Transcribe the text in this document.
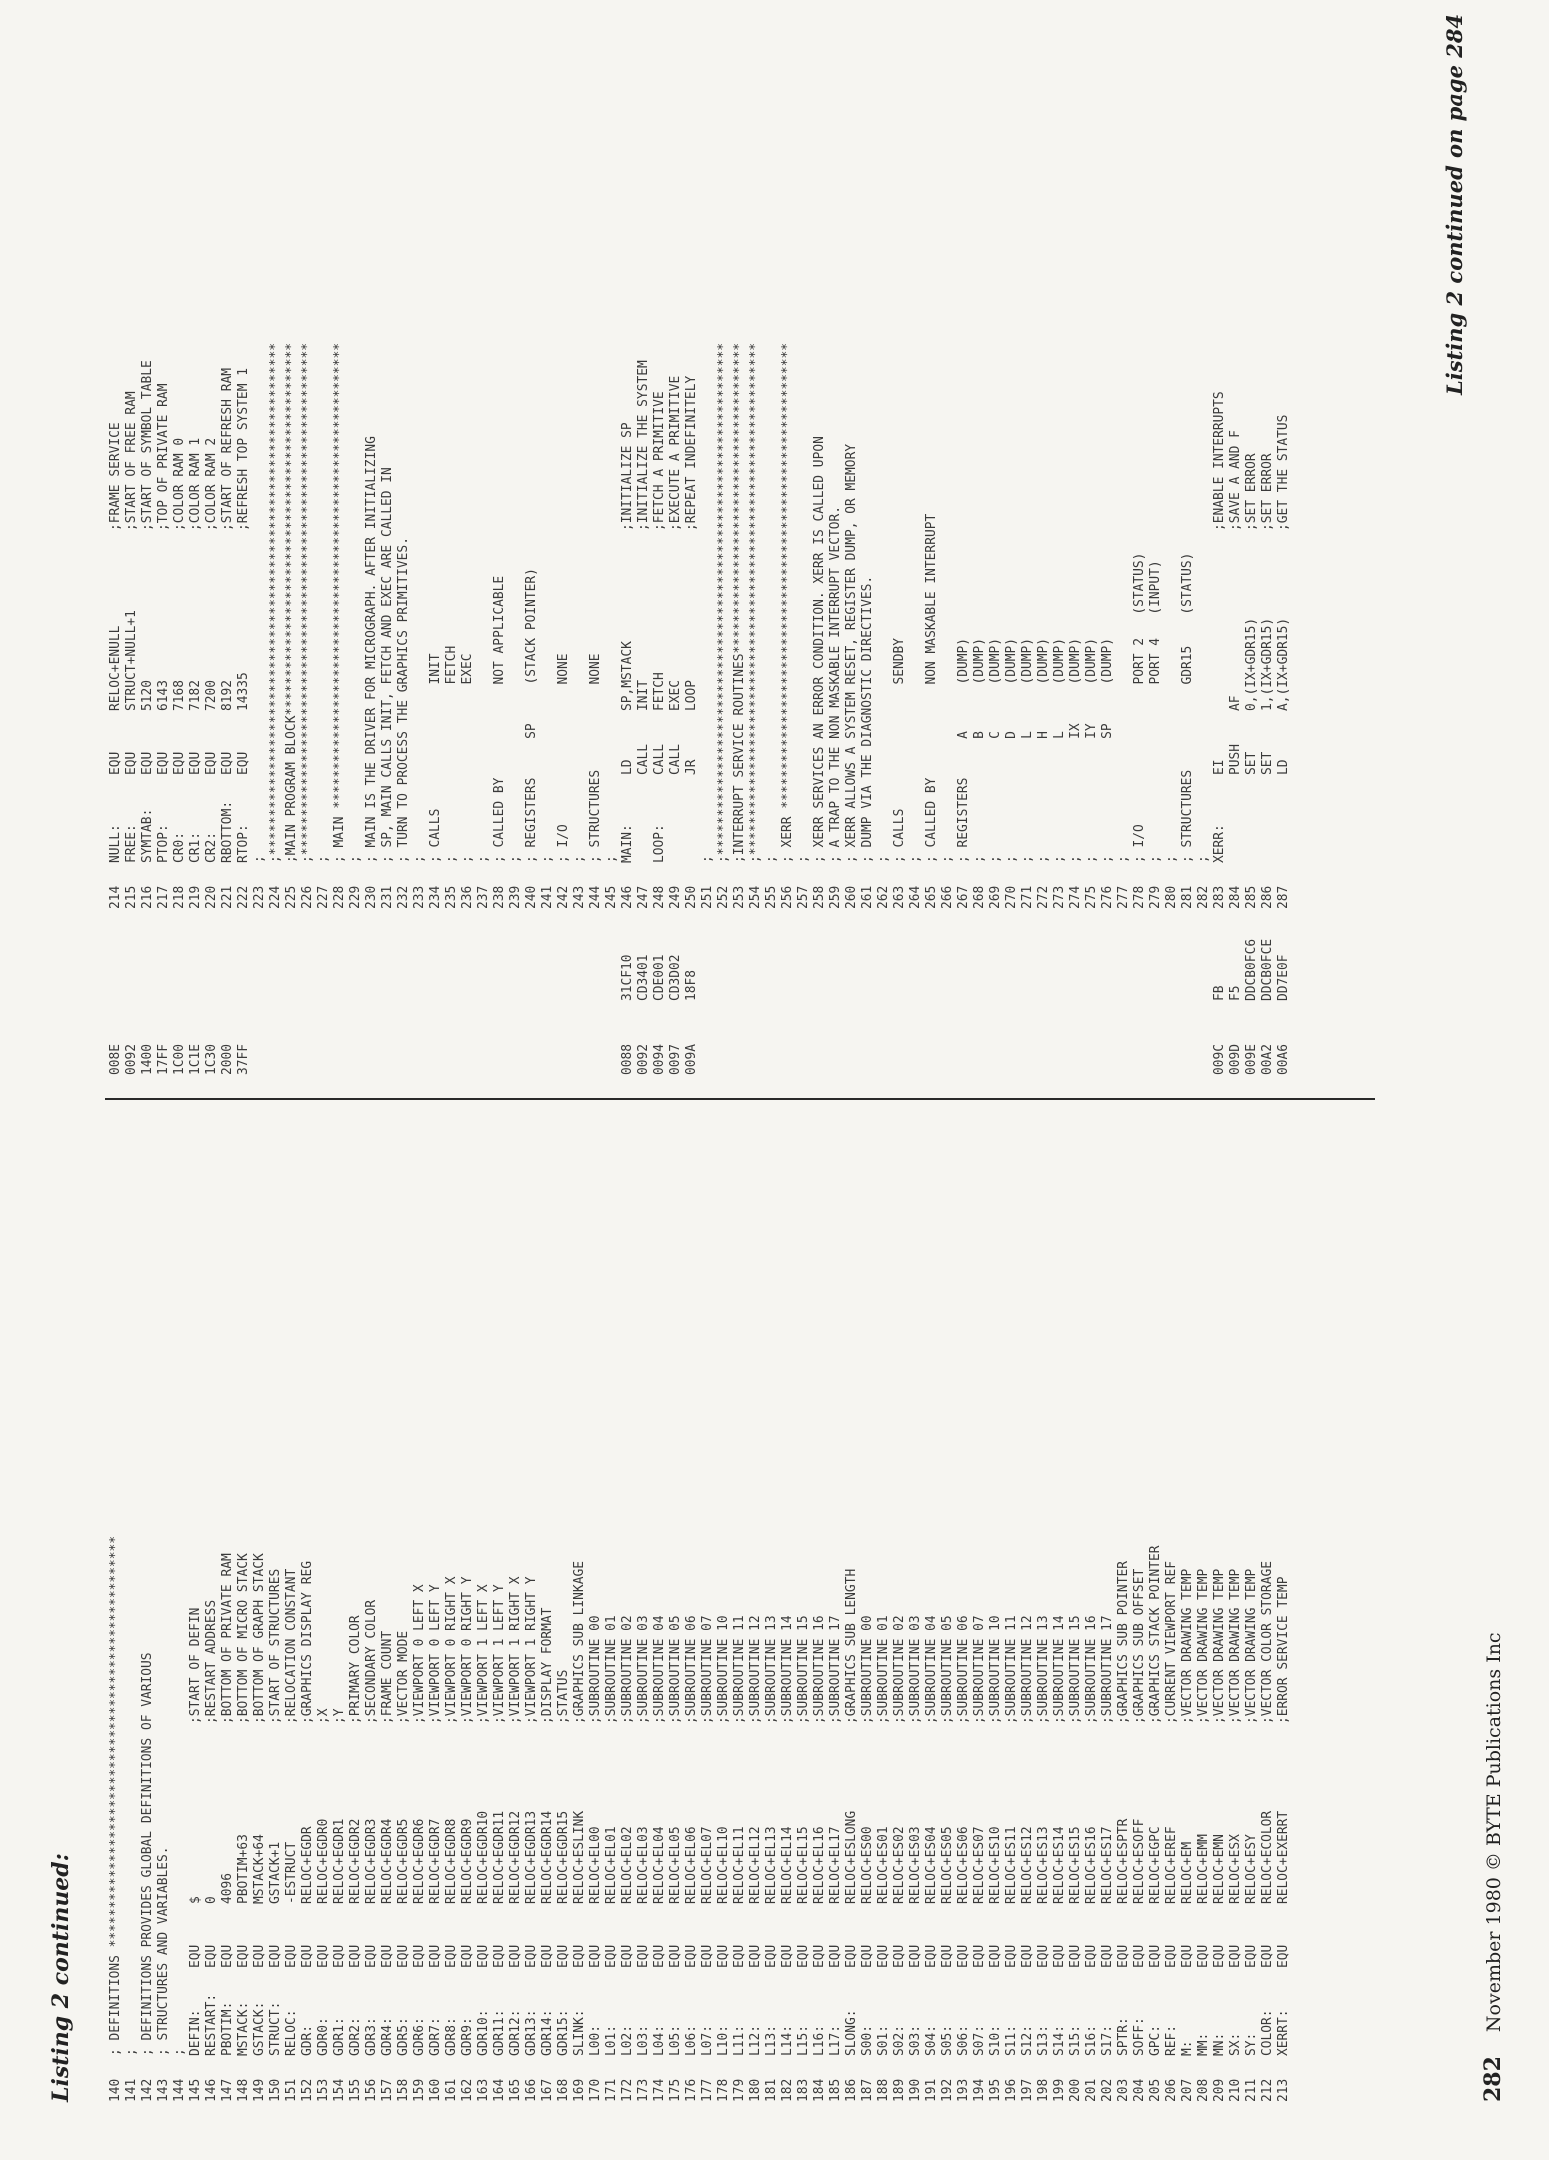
Listing 2 continued:	140; DEFINITIONS *****************************************************
141;
142; DEFINITIONS PROVIDES GLOBAL DEFINITIONS OF VARIOUS
143; STRUCTURES AND VARIABLES.
144;
145DEFIN:EQU$;START OF DEFIN
146RESTART:EQU0;RESTART ADDRESS
147PBOTIM:EQU4096;BOTTOM OF PRIVATE RAM
148MSTACK:EQUPBOTIM+63;BOTTOM OF MICRO STACK
149GSTACK:EQUMSTACK+64;BOTTOM OF GRAPH STACK
150STRUCT:EQUGSTACK+1;START OF STRUCTURES
151RELOC:EQU-ESTRUCT;RELOCATION CONSTANT
152GDR:EQURELOC+EGDR;GRAPHICS DISPLAY REG
153GDR0:EQURELOC+EGDR0;X
154GDR1:EQURELOC+EGDR1;Y
155GDR2:EQURELOC+EGDR2;PRIMARY COLOR
156GDR3:EQURELOC+EGDR3;SECONDARY COLOR
157GDR4:EQURELOC+EGDR4;FRAME COUNT
158GDR5:EQURELOC+EGDR5;VECTOR MODE
159GDR6:EQURELOC+EGDR6;VIEWPORT 0 LEFT X
160GDR7:EQURELOC+EGDR7;VIEWPORT 0 LEFT Y
161GDR8:EQURELOC+EGDR8;VIEWPORT 0 RIGHT X
162GDR9:EQURELOC+EGDR9;VIEWPORT 0 RIGHT Y
163GDR10:EQURELOC+EGDR10;VIEWPORT 1 LEFT X
164GDR11:EQURELOC+EGDR11;VIEWPORT 1 LEFT Y
165GDR12:EQURELOC+EGDR12;VIEWPORT 1 RIGHT X
166GDR13:EQURELOC+EGDR13;VIEWPORT 1 RIGHT Y
167GDR14:EQURELOC+EGDR14;DISPLAY FORMAT
168GDR15:EQURELOC+EGDR15;STATUS
169SLINK:EQURELOC+ESLINK;GRAPHICS SUB LINKAGE
170L00:EQURELOC+EL00;SUBROUTINE 00
171L01:EQURELOC+EL01;SUBROUTINE 01
172L02:EQURELOC+EL02;SUBROUTINE 02
173L03:EQURELOC+EL03;SUBROUTINE 03
174L04:EQURELOC+EL04;SUBROUTINE 04
175L05:EQURELOC+EL05;SUBROUTINE 05
176L06:EQURELOC+EL06;SUBROUTINE 06
177L07:EQURELOC+EL07;SUBROUTINE 07
178L10:EQURELOC+EL10;SUBROUTINE 10
179L11:EQURELOC+EL11;SUBROUTINE 11
180L12:EQURELOC+EL12;SUBROUTINE 12
181L13:EQURELOC+EL13;SUBROUTINE 13
182L14:EQURELOC+EL14;SUBROUTINE 14
183L15:EQURELOC+EL15;SUBROUTINE 15
184L16:EQURELOC+EL16;SUBROUTINE 16
185L17:EQURELOC+EL17;SUBROUTINE 17
186SLONG:EQURELOC+ESLONG;GRAPHICS SUB LENGTH
187S00:EQURELOC+ES00;SUBROUTINE 00
188S01:EQURELOC+ES01;SUBROUTINE 01
189S02:EQURELOC+ES02;SUBROUTINE 02
190S03:EQURELOC+ES03;SUBROUTINE 03
191S04:EQURELOC+ES04;SUBROUTINE 04
192S05:EQURELOC+ES05;SUBROUTINE 05
193S06:EQURELOC+ES06;SUBROUTINE 06
194S07:EQURELOC+ES07;SUBROUTINE 07
195S10:EQURELOC+ES10;SUBROUTINE 10
196S11:EQURELOC+ES11;SUBROUTINE 11
197S12:EQURELOC+ES12;SUBROUTINE 12
198S13:EQURELOC+ES13;SUBROUTINE 13
199S14:EQURELOC+ES14;SUBROUTINE 14
200S15:EQURELOC+ES15;SUBROUTINE 15
201S16:EQURELOC+ES16;SUBROUTINE 16
202S17:EQURELOC+ES17;SUBROUTINE 17
203SPTR:EQURELOC+ESPTR;GRAPHICS SUB POINTER
204SOFF:EQURELOC+ESOFF;GRAPHICS SUB OFFSET
205GPC:EQURELOC+EGPC;GRAPHICS STACK POINTER
206REF:EQURELOC+EREF;CURRENT VIEWPORT REF
207M:EQURELOC+EM;VECTOR DRAWING TEMP
208MM:EQURELOC+EMM;VECTOR DRAWING TEMP
209MN:EQURELOC+EMN;VECTOR DRAWING TEMP
210SX:EQURELOC+ESX;VECTOR DRAWING TEMP
211SY:EQURELOC+ESY;VECTOR DRAWING TEMP
212COLOR:EQURELOC+ECOLOR;VECTOR COLOR STORAGE
213XERRT:EQURELOC+EXERRT;ERROR SERVICE TEMP
008E214NULL:EQURELOC+ENULL;FRAME SERVICE
0092215FREE:EQUSTRUCT+NULL+1;START OF FREE RAM
1400216SYMTAB:EQU5120;START OF SYMBOL TABLE
17FF217PTOP:EQU6143;TOP OF PRIVATE RAM
1C00218CR0:EQU7168;COLOR RAM 0
1C1E219CR1:EQU7182;COLOR RAM 1
1C30220CR2:EQU7200;COLOR RAM 2
2000221RBOTTOM:EQU8192;START OF REFRESH RAM
37FF222RTOP:EQU14335;REFRESH TOP SYSTEM 1
223;
224;******************************************************************
225;MAIN PROGRAM BLOCK************************************************
226;******************************************************************
227;
228; MAIN ************************************************************
229;
230; MAIN IS THE DRIVER FOR MICROGRAPH. AFTER INITIALIZING
231; SP, MAIN CALLS INIT, FETCH AND EXEC ARE CALLED IN
232; TURN TO PROCESS THE GRAPHICS PRIMITIVES.
233;
234; CALLS                INIT
235;                      FETCH
236;                      EXEC
237;
238; CALLED BY            NOT APPLICABLE
239;
240; REGISTERS     SP     (STACK POINTER)
241;
242; I/O                  NONE
243;
244; STRUCTURES           NONE
245;
008831CF10246MAIN:LDSP,MSTACK;INITIALIZE SP
0092CD3401247CALLINIT;INITIALIZE THE SYSTEM
0094CDE001248LOOP:CALLFETCH;FETCH A PRIMITIVE
0097CD3D02249CALLEXEC;EXECUTE A PRIMITIVE
009A18F8250JRLOOP;REPEAT INDEFINITELY
251;
252;******************************************************************
253;INTERRUPT SERVICE ROUTINES****************************************
254;******************************************************************
255;
256; XERR ************************************************************
257;
258; XERR SERVICES AN ERROR CONDITION. XERR IS CALLED UPON
259; A TRAP TO THE NON MASKABLE INTERRUPT VECTOR.
260; XERR ALLOWS A SYSTEM RESET, REGISTER DUMP, OR MEMORY
261; DUMP VIA THE DIAGNOSTIC DIRECTIVES.
262;
263; CALLS                SENDBY
264;
265; CALLED BY            NON MASKABLE INTERRUPT
266;
267; REGISTERS     A      (DUMP)
268;               B      (DUMP)
269;               C      (DUMP)
270;               D      (DUMP)
271;               L      (DUMP)
272;               H      (DUMP)
273;               L      (DUMP)
274;               IX     (DUMP)
275;               IY     (DUMP)
276;               SP     (DUMP)
277;
278; I/O                  PORT 2   (STATUS)
279;                      PORT 4   (INPUT)
280;
281; STRUCTURES           GDR15    (STATUS)
282;
009CFB283XERR:EI;ENABLE INTERRUPTS
009DF5284PUSHAF;SAVE A AND F
009EDDCB0FC6285SET0,(IX+GDR15);SET ERROR
00A2DDCB0FCE286SET1,(IX+GDR15);SET ERROR
00A6DD7E0F287LDA,(IX+GDR15);GET THE STATUS
Listing 2 continued on page 284
282November 1980 © BYTE Publications Inc
